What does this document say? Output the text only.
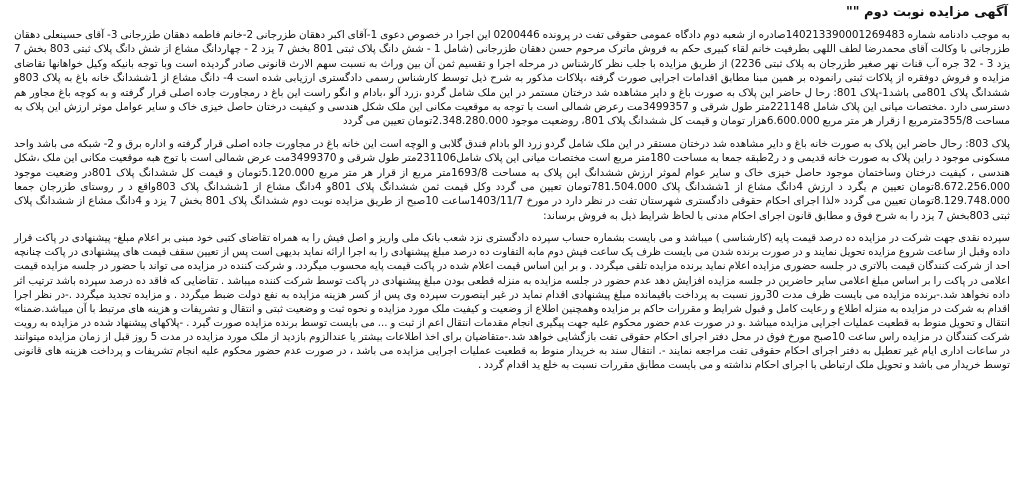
آگهی مزایده نوبت دوم ""

به موجب دادنامه شماره 140213390001269483صادره از شعبه دوم دادگاه عمومی حقوقی تفت در پرونده 0200446 این اجرا در خصوص دعوی 1-آقای اکبر دهقان طزرجانی 2-خانم فاطمه دهقان طزرجانی 3- آقای حسینعلی دهقان طزرجانی با وکالت آقای محمدرضا لطف اللهی بطرفیت خانم لقاء کبیری حکم به فروش ماترک مرحوم حسن دهقان طزرجانی (شامل 1 - شش دانگ پلاک ثبتی 801 بخش 7 یزد 2 - چهاردانگ مشاع از شش دانگ پلاک ثبتی 803 بخش 7 یزد 3 - 32 جره آب قنات نهر صغیر طزرجان به پلاک ثبتی 2236) از طریق مزایده با جلب نظر کارشناس در مرحله اجرا و تقسیم ثمن آن بین وراث به نسبت سهم الارث قانونی صادر گردیده است وبا توجه بانیکه وکیل خواهانها تقاضای مزایده و فروش دوفقره از پلاکات ثبتی رانموده بر همین مبنا مطابق اقدامات اجرایی صورت گرفته ،پلاکات مذکور به شرح ذیل توسط کارشناس رسمی دادگستری ارزیابی شده است 4- دانگ مشاع از 1ششدانگ خانه باغ به پلاک 803و ششدانگ پلاک 801می باشد1-پلاک 801: رحا ل حاضر این پلاک به صورت باغ و دایر مشاهده شد درختان مستمر در این ملک شامل گردو ،زرد آلو ،بادام و انگو راست این باغ د رمجاورت جاده اصلی قرار گرفته و به کوچه باغ مجاور هم دسترسی دارد .مختصات میانی این پلاک شامل 221148متر طول شرقی و 3499357مت رعرض شمالی است با توجه به موقعیت مکانی این ملک شکل هندسی و کیفیت درختان حاصل خیزی خاک و سایر عوامل موثر ارزش این پلاک به مساحت 355/8مترمربع ا زقرار هر متر مربع 6.600.000هزار تومان و قیمت کل ششدانگ پلاک 801، روضعیت موجود 2.348.280.000تومان تعیین می گردد

پلاک 803: رحال حاضر این پلاک به صورت خانه باغ و دایر مشاهده شد درختان مستقر در این ملک شامل گردو زرد الو بادام فندق گلابی و الوچه است این خانه باغ در مجاورت جاده اصلی قرار گرفته و اداره برق و 2- شبکه می باشد واحد مسکونی موجود د راین پلاک به صورت خانه قدیمی و د ر2طبقه جمعا به مساحت 180متر مربع است مختصات میانی این پلاک شامل231106متر طول شرقی و 3499370مت عرض شمالی است با توج هبه موقعیت مکانی این ملک ،شکل هندسی ، کیفیت درختان وساختمان موجود حاصل خیزی خاک و سایر عوام لموثر ارزش ششدانگ این پلاک به مساحت 1693/8متر مربع از قرار هر متر مربع 5.120.000تومان و قیمت کل ششدانگ پلاک 801در وضعیت موجود 8.672.256.000تومان تعیین م یگرد د ارزش 4دانگ مشاع از 1ششدانگ پلاک 781.504.000تومان تعیین می گردد وکل قیمت ثمن ششدانگ پلاک 801و 4دانگ مشاع از 1ششدانگ پلاک 803واقع د ر روستای طزرجان جمعا 8.129.748.000تومان تعیین می گردد «لذا اجرای احکام حقوقی دادگستری شهرستان تفت در نظر دارد در مورخ 1403/11/7ساعت 10صبح از طریق مزایده نوبت دوم ششدانگ پلاک 801 بخش 7 یزد و 4دانگ مشاع از ششدانگ پلاک ثبتی 803بخش 7 یزد را به شرح فوق و مطابق قانون اجرای احکام مدنی با لحاظ شرایط ذیل به فروش برساند:

سپرده نقدی جهت شرکت در مزایده ده درصد قیمت پایه (کارشناسی ) میباشد و می بایست بشماره حساب سپرده دادگستری نزد شعب بانک ملی واریز و اصل فیش را به همراه تقاضای کتبی خود مبنی بر اعلام مبلغ- پیشنهادی در پاکت قرار داده وقبل از ساعت شروع مزایده تحویل نمایند و در صورت برنده شدن می بایست ظرف یک ساعت فیش دوم مابه التفاوت ده درصد مبلغ پیشنهادی را به اجرا ارائه نماید بدیهی است پس از تعیین سقف قیمت های پیشنهادی در پاکت چنانچه احد از شرکت کنندگان قیمت بالاتری در جلسه حضوری مزایده اعلام نماید برنده مزایده تلقی میگردد . و بر این اساس قیمت اعلام شده در پاکت قیمت پایه محسوب میگردد. و شرکت کننده در مزایده می تواند با حضور در جلسه مزایده قیمت اعلامی در پاکت را بر اساس مبلغ اعلامی سایر حاضرین در جلسه مزایده افزایش دهد عدم حضور در جلسه مزایده به منزله قطعی بودن مبلغ پیشنهادی در پاکت توسط شرکت کننده میباشد . تقاضایی که فاقد ده درصد سپرده باشد ترتیب اثر داده نخواهد شد.-برنده مزایده می بایست ظرف مدت 30روز نسبت به پرداخت باقیمانده مبلغ پیشنهادی اقدام نماید در غیر اینصورت سپرده وی پس از کسر هزینه مزایده به نفع دولت ضبط میگردد . و مزایده تجدید میگردد .-در نظر اجرا اقدام به شرکت در مزایده به منزله اطلاع و رعایت کامل و قبول شرایط و مقررات حاکم بر مزایده وهمچنین اطلاع از وضعیت و کیفیت ملک مورد مزایده و نحوه ثبت و وضعیت ثبتی و انتقال و تشریفات و هزینه های مرتبط با آن میباشد.ضمنا» انتقال و تحویل منوط به قطعیت عملیات اجرایی مزایده میباشد .و در صورت عدم حضور محکوم علیه جهت پیگیری انجام مقدمات انتقال اعم از ثبت و ... می بایست توسط برنده مزایده صورت گیرد . -پلاکهای پیشنهاد شده در مزایده به رویت شرکت کنندگان در مزایده راس ساعت 10صبح مورخ فوق در محل دفتر اجرای احکام حقوقی تفت بازگشایی خواهد شد.-متقاضیان برای اخذ اطلاعات بیشتر یا عندالزوم بازدید از ملک مورد مزایده در مدت 5 روز قبل از زمان مزایده میتوانند در ساعات اداری ایام غیر تعطیل به دفتر اجرای احکام حقوقی تفت مراجعه نمایند -. انتقال سند به خریدار منوط به قطعیت عملیات اجرایی مزایده می باشد ، در صورت عدم حضور محکوم علیه انجام تشریفات و پرداخت هزینه های قانونی توسط خریدار می باشد و تحویل ملک ارتباطی با اجرای احکام نداشته و می بایست مطابق مقررات نسبت به خلع ید اقدام گردد .
